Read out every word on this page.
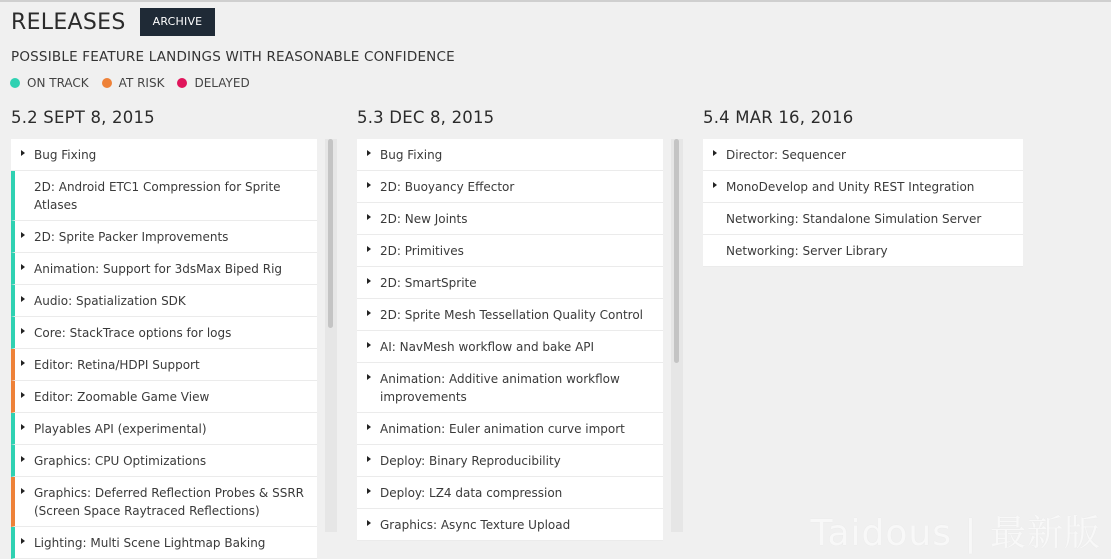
RELEASES	ARCHIVE
POSSIBLE FEATURE LANDINGS WITH REASONABLE CONFIDENCE
ON TRACK	AT RISK	DELAYED
5.2 SEPT 8, 2015
Bug Fixing
2D: Android ETC1 Compression for Sprite Atlases
2D: Sprite Packer Improvements
Animation: Support for 3dsMax Biped Rig
Audio: Spatialization SDK
Core: StackTrace options for logs
Editor: Retina/HDPI Support
Editor: Zoomable Game View
Playables API (experimental)
Graphics: CPU Optimizations
Graphics: Deferred Reflection Probes & SSRR (Screen Space Raytraced Reflections)
Lighting: Multi Scene Lightmap Baking
5.3 DEC 8, 2015
Bug Fixing
2D: Buoyancy Effector
2D: New Joints
2D: Primitives
2D: SmartSprite
2D: Sprite Mesh Tessellation Quality Control
AI: NavMesh workflow and bake API
Animation: Additive animation workflow improvements
Animation: Euler animation curve import
Deploy: Binary Reproducibility
Deploy: LZ4 data compression
Graphics: Async Texture Upload
5.4 MAR 16, 2016
Director: Sequencer
MonoDevelop and Unity REST Integration
Networking: Standalone Simulation Server
Networking: Server Library
Taidous | 最新版
